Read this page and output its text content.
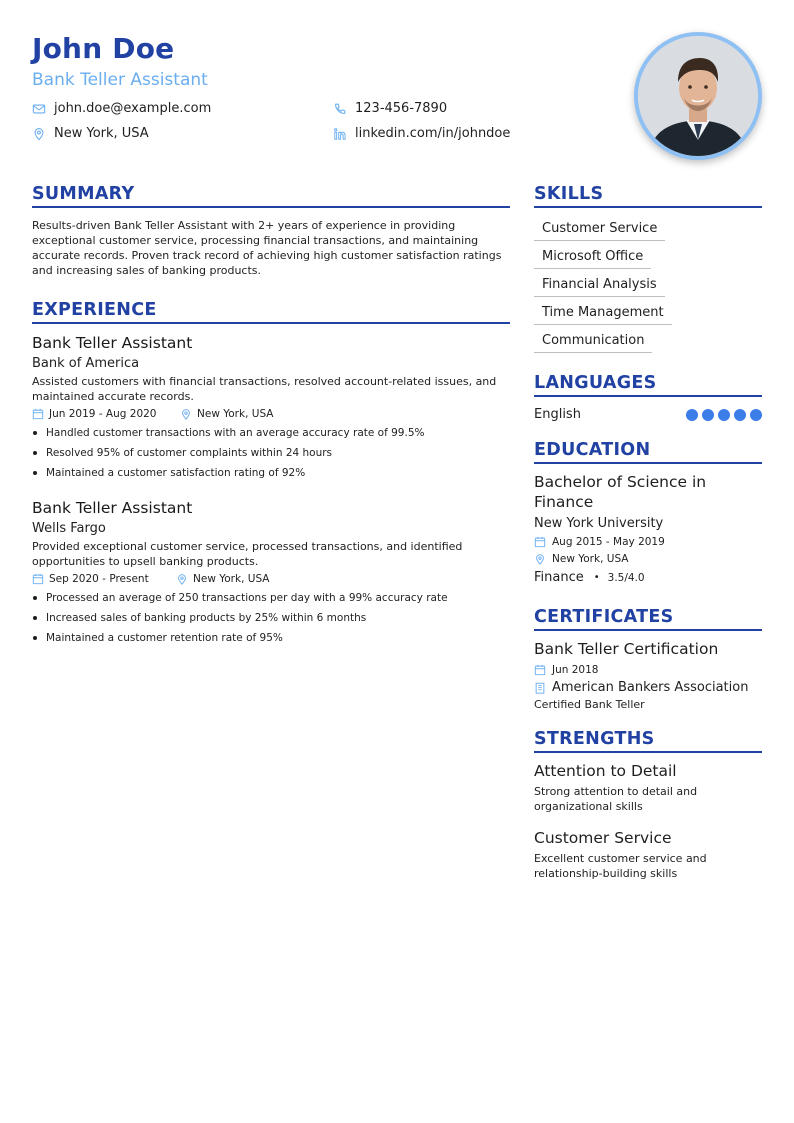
John Doe
Bank Teller Assistant
john.doe@example.com	123-456-7890
New York, USA	linkedin.com/in/johndoe
SUMMARY

Results-driven Bank Teller Assistant with 2+ years of experience in providing exceptional customer service, processing financial transactions, and maintaining accurate records. Proven track record of achieving high customer satisfaction ratings and increasing sales of banking products.

EXPERIENCE
Bank Teller Assistant
Bank of America
Assisted customers with financial transactions, resolved account-related issues, and maintained accurate records.
Jun 2019 - Aug 2020	New York, USA
Handled customer transactions with an average accuracy rate of 99.5%
Resolved 95% of customer complaints within 24 hours
Maintained a customer satisfaction rating of 92%
Bank Teller Assistant
Wells Fargo
Provided exceptional customer service, processed transactions, and identified opportunities to upsell banking products.
Sep 2020 - Present	New York, USA
Processed an average of 250 transactions per day with a 99% accuracy rate
Increased sales of banking products by 25% within 6 months
Maintained a customer retention rate of 95%
SKILLS
Customer Service
Microsoft Office
Financial Analysis
Time Management
Communication
LANGUAGES
English
EDUCATION
Bachelor of Science in Finance
New York University
Aug 2015 - May 2019
New York, USA
Finance • 3.5/4.0
CERTIFICATES
Bank Teller Certification
Jun 2018
American Bankers Association
Certified Bank Teller
STRENGTHS
Attention to Detail
Strong attention to detail and organizational skills
Customer Service
Excellent customer service and relationship-building skills
